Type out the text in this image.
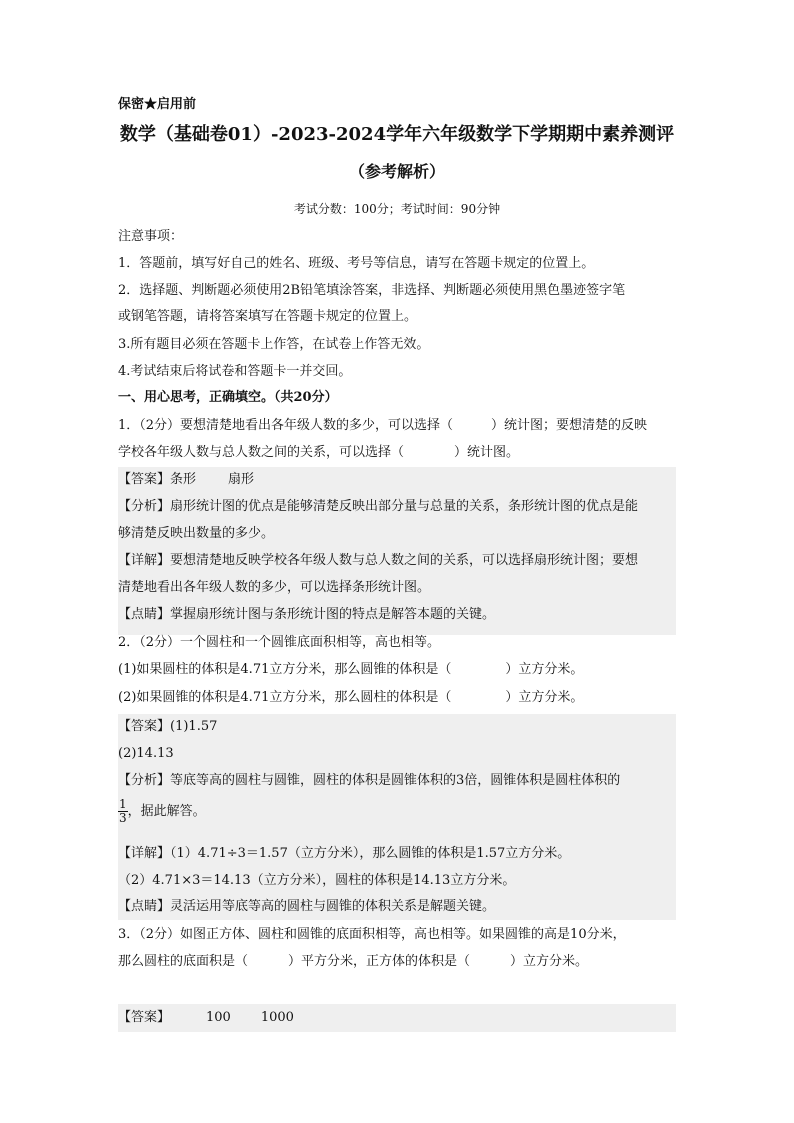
保密★启用前
数学（基础卷01）-2023-2024学年六年级数学下学期期中素养测评
（参考解析）
考试分数：100分；考试时间：90分钟
注意事项：
1．答题前，填写好自己的姓名、班级、考号等信息，请写在答题卡规定的位置上。
2．选择题、判断题必须使用2B铅笔填涂答案，非选择、判断题必须使用黑色墨迹签字笔
或钢笔答题，请将答案填写在答题卡规定的位置上。
3.所有题目必须在答题卡上作答，在试卷上作答无效。
4.考试结束后将试卷和答题卡一并交回。
一、用心思考，正确填空。（共20分）
1．（2分）要想清楚地看出各年级人数的多少，可以选择（	）统计图；要想清楚的反映
学校各年级人数与总人数之间的关系，可以选择（	）统计图。
【答案】条形 扇形
【分析】扇形统计图的优点是能够清楚反映出部分量与总量的关系，条形统计图的优点是能
够清楚反映出数量的多少。
【详解】要想清楚地反映学校各年级人数与总人数之间的关系，可以选择扇形统计图；要想
清楚地看出各年级人数的多少，可以选择条形统计图。
【点睛】掌握扇形统计图与条形统计图的特点是解答本题的关键。
2．（2分）一个圆柱和一个圆锥底面积相等，高也相等。
(1)如果圆柱的体积是4.71立方分米，那么圆锥的体积是（	）立方分米。
(2)如果圆锥的体积是4.71立方分米，那么圆柱的体积是（	）立方分米。
【答案】(1)1.57
(2)14.13
【分析】等底等高的圆柱与圆锥，圆柱的体积是圆锥体积的3倍，圆锥体积是圆柱体积的
$\frac{1}{3}$ ，据此解答。
【详解】（1）4.71÷3＝1.57（立方分米），那么圆锥的体积是1.57立方分米。
（2）4.71×3＝14.13（立方分米），圆柱的体积是14.13立方分米。
【点睛】灵活运用等底等高的圆柱与圆锥的体积关系是解题关键。
3．（2分）如图正方体、圆柱和圆锥的底面积相等，高也相等。如果圆锥的高是10分米，
那么圆柱的底面积是（	）平方分米，正方体的体积是（	）立方分米。
【答案】	100 1000
